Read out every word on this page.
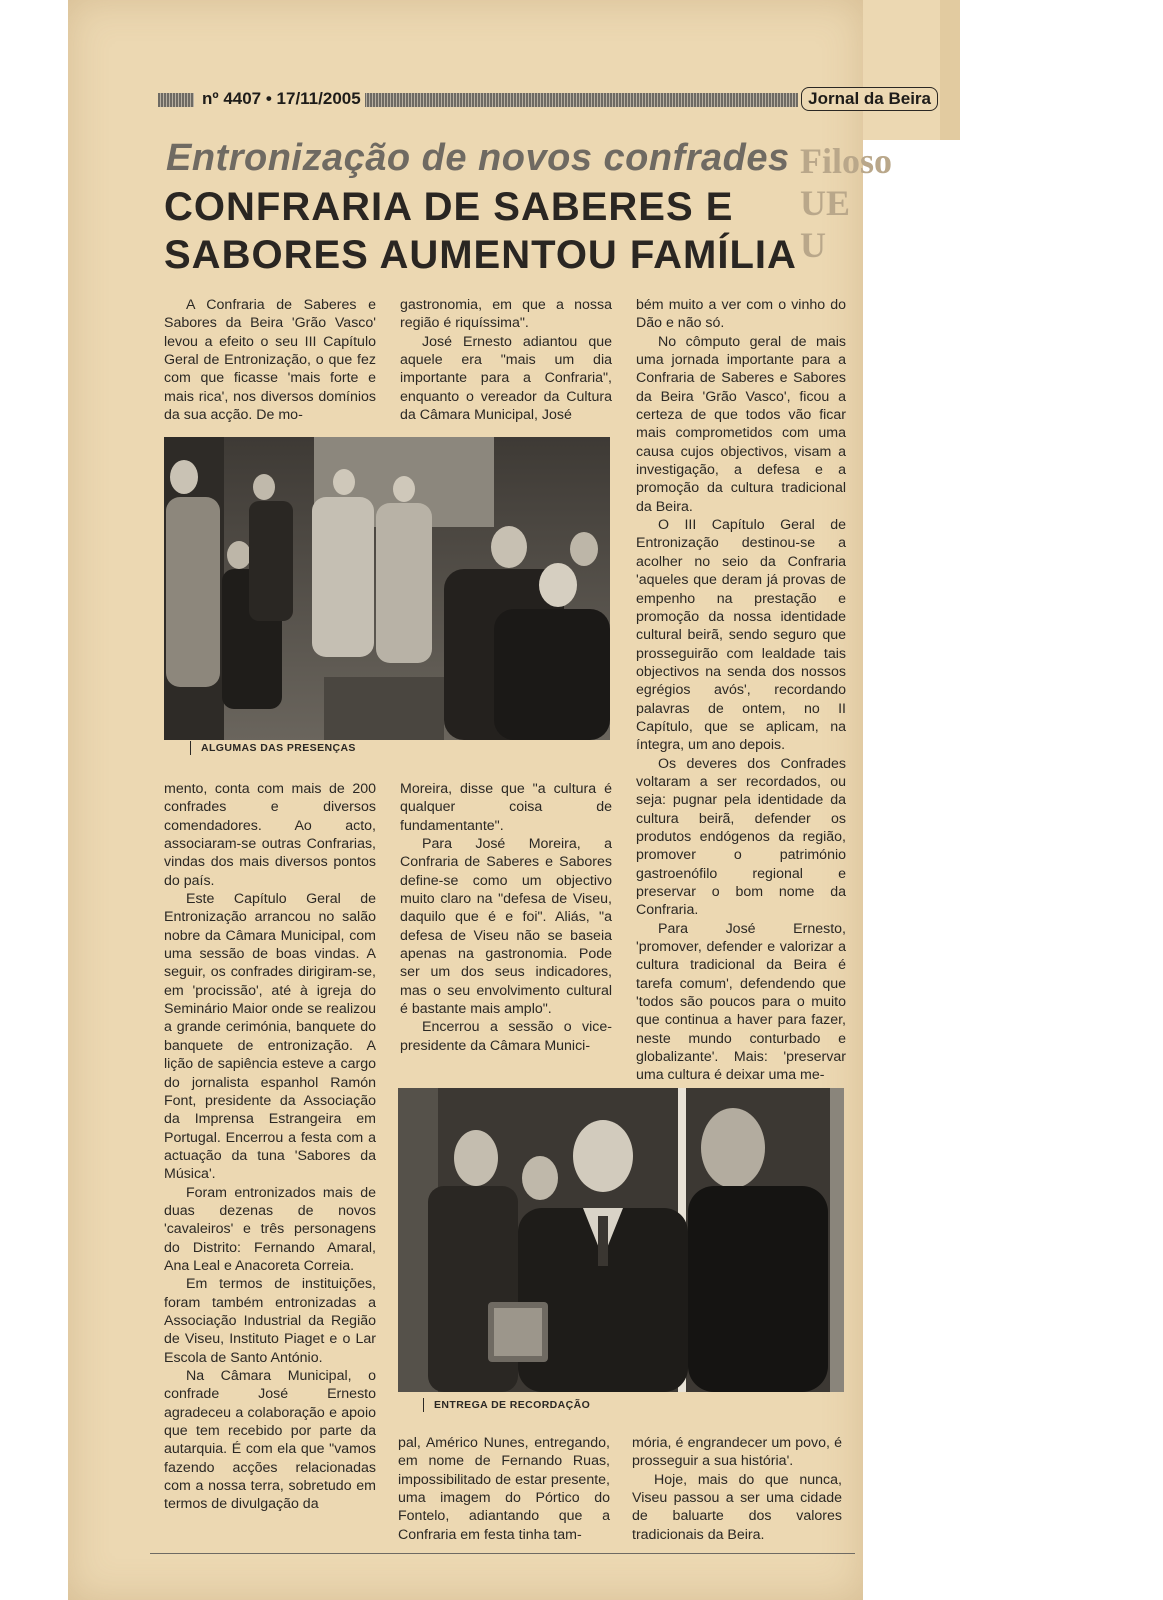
Filoso
UE U
nº 4407 • 17/11/2005	Jornal da Beira
Entronização de novos confrades
CONFRARIA DE SABERES E SABORES AUMENTOU FAMÍLIA

A Confraria de Saberes e Sabores da Beira 'Grão Vasco' levou a efeito o seu III Capítulo Geral de Entronização, o que fez com que ficasse 'mais forte e mais rica', nos diversos domínios da sua acção. De mo-

gastronomia, em que a nossa região é riquíssima".

José Ernesto adiantou que aquele era "mais um dia importante para a Confraria", enquanto o vereador da Cultura da Câmara Municipal, José

bém muito a ver com o vinho do Dão e não só.

No cômputo geral de mais uma jornada importante para a Confraria de Saberes e Sabores da Beira 'Grão Vasco', ficou a certeza de que todos vão ficar mais comprometidos com uma causa cujos objectivos, visam a investigação, a defesa e a promoção da cultura tradicional da Beira.

O III Capítulo Geral de Entronização destinou-se a acolher no seio da Confraria 'aqueles que deram já provas de empenho na prestação e promoção da nossa identidade cultural beirã, sendo seguro que prosseguirão com lealdade tais objectivos na senda dos nossos egrégios avós', recordando palavras de ontem, no II Capítulo, que se aplicam, na íntegra, um ano depois.

Os deveres dos Confrades voltaram a ser recordados, ou seja: pugnar pela identidade da cultura beirã, defender os produtos endógenos da região, promover o património gastroenófilo regional e preservar o bom nome da Confraria.

Para José Ernesto, 'promover, defender e valorizar a cultura tradicional da Beira é tarefa comum', defendendo que 'todos são poucos para o muito que continua a haver para fazer, neste mundo conturbado e globalizante'. Mais: 'preservar uma cultura é deixar uma me-

ALGUMAS DAS PRESENÇAS

mento, conta com mais de 200 confrades e diversos comendadores. Ao acto, associaram-se outras Confrarias, vindas dos mais diversos pontos do país.

Este Capítulo Geral de Entronização arrancou no salão nobre da Câmara Municipal, com uma sessão de boas vindas. A seguir, os confrades dirigiram-se, em 'procissão', até à igreja do Seminário Maior onde se realizou a grande cerimónia, banquete do banquete de entronização. A lição de sapiência esteve a cargo do jornalista espanhol Ramón Font, presidente da Associação da Imprensa Estrangeira em Portugal. Encerrou a festa com a actuação da tuna 'Sabores da Música'.

Foram entronizados mais de duas dezenas de novos 'cavaleiros' e três personagens do Distrito: Fernando Amaral, Ana Leal e Anacoreta Correia.

Em termos de instituições, foram também entronizadas a Associação Industrial da Região de Viseu, Instituto Piaget e o Lar Escola de Santo António.

Na Câmara Municipal, o confrade José Ernesto agradeceu a colaboração e apoio que tem recebido por parte da autarquia. É com ela que "vamos fazendo acções relacionadas com a nossa terra, sobretudo em termos de divulgação da

Moreira, disse que "a cultura é qualquer coisa de fundamentante".

Para José Moreira, a Confraria de Saberes e Sabores define-se como um objectivo muito claro na "defesa de Viseu, daquilo que é e foi". Aliás, "a defesa de Viseu não se baseia apenas na gastronomia. Pode ser um dos seus indicadores, mas o seu envolvimento cultural é bastante mais amplo".

Encerrou a sessão o vice-presidente da Câmara Munici-

ENTREGA DE RECORDAÇÃO

pal, Américo Nunes, entregando, em nome de Fernando Ruas, impossibilitado de estar presente, uma imagem do Pórtico do Fontelo, adiantando que a Confraria em festa tinha tam-

mória, é engrandecer um povo, é prosseguir a sua história'.

Hoje, mais do que nunca, Viseu passou a ser uma cidade de baluarte dos valores tradicionais da Beira.
